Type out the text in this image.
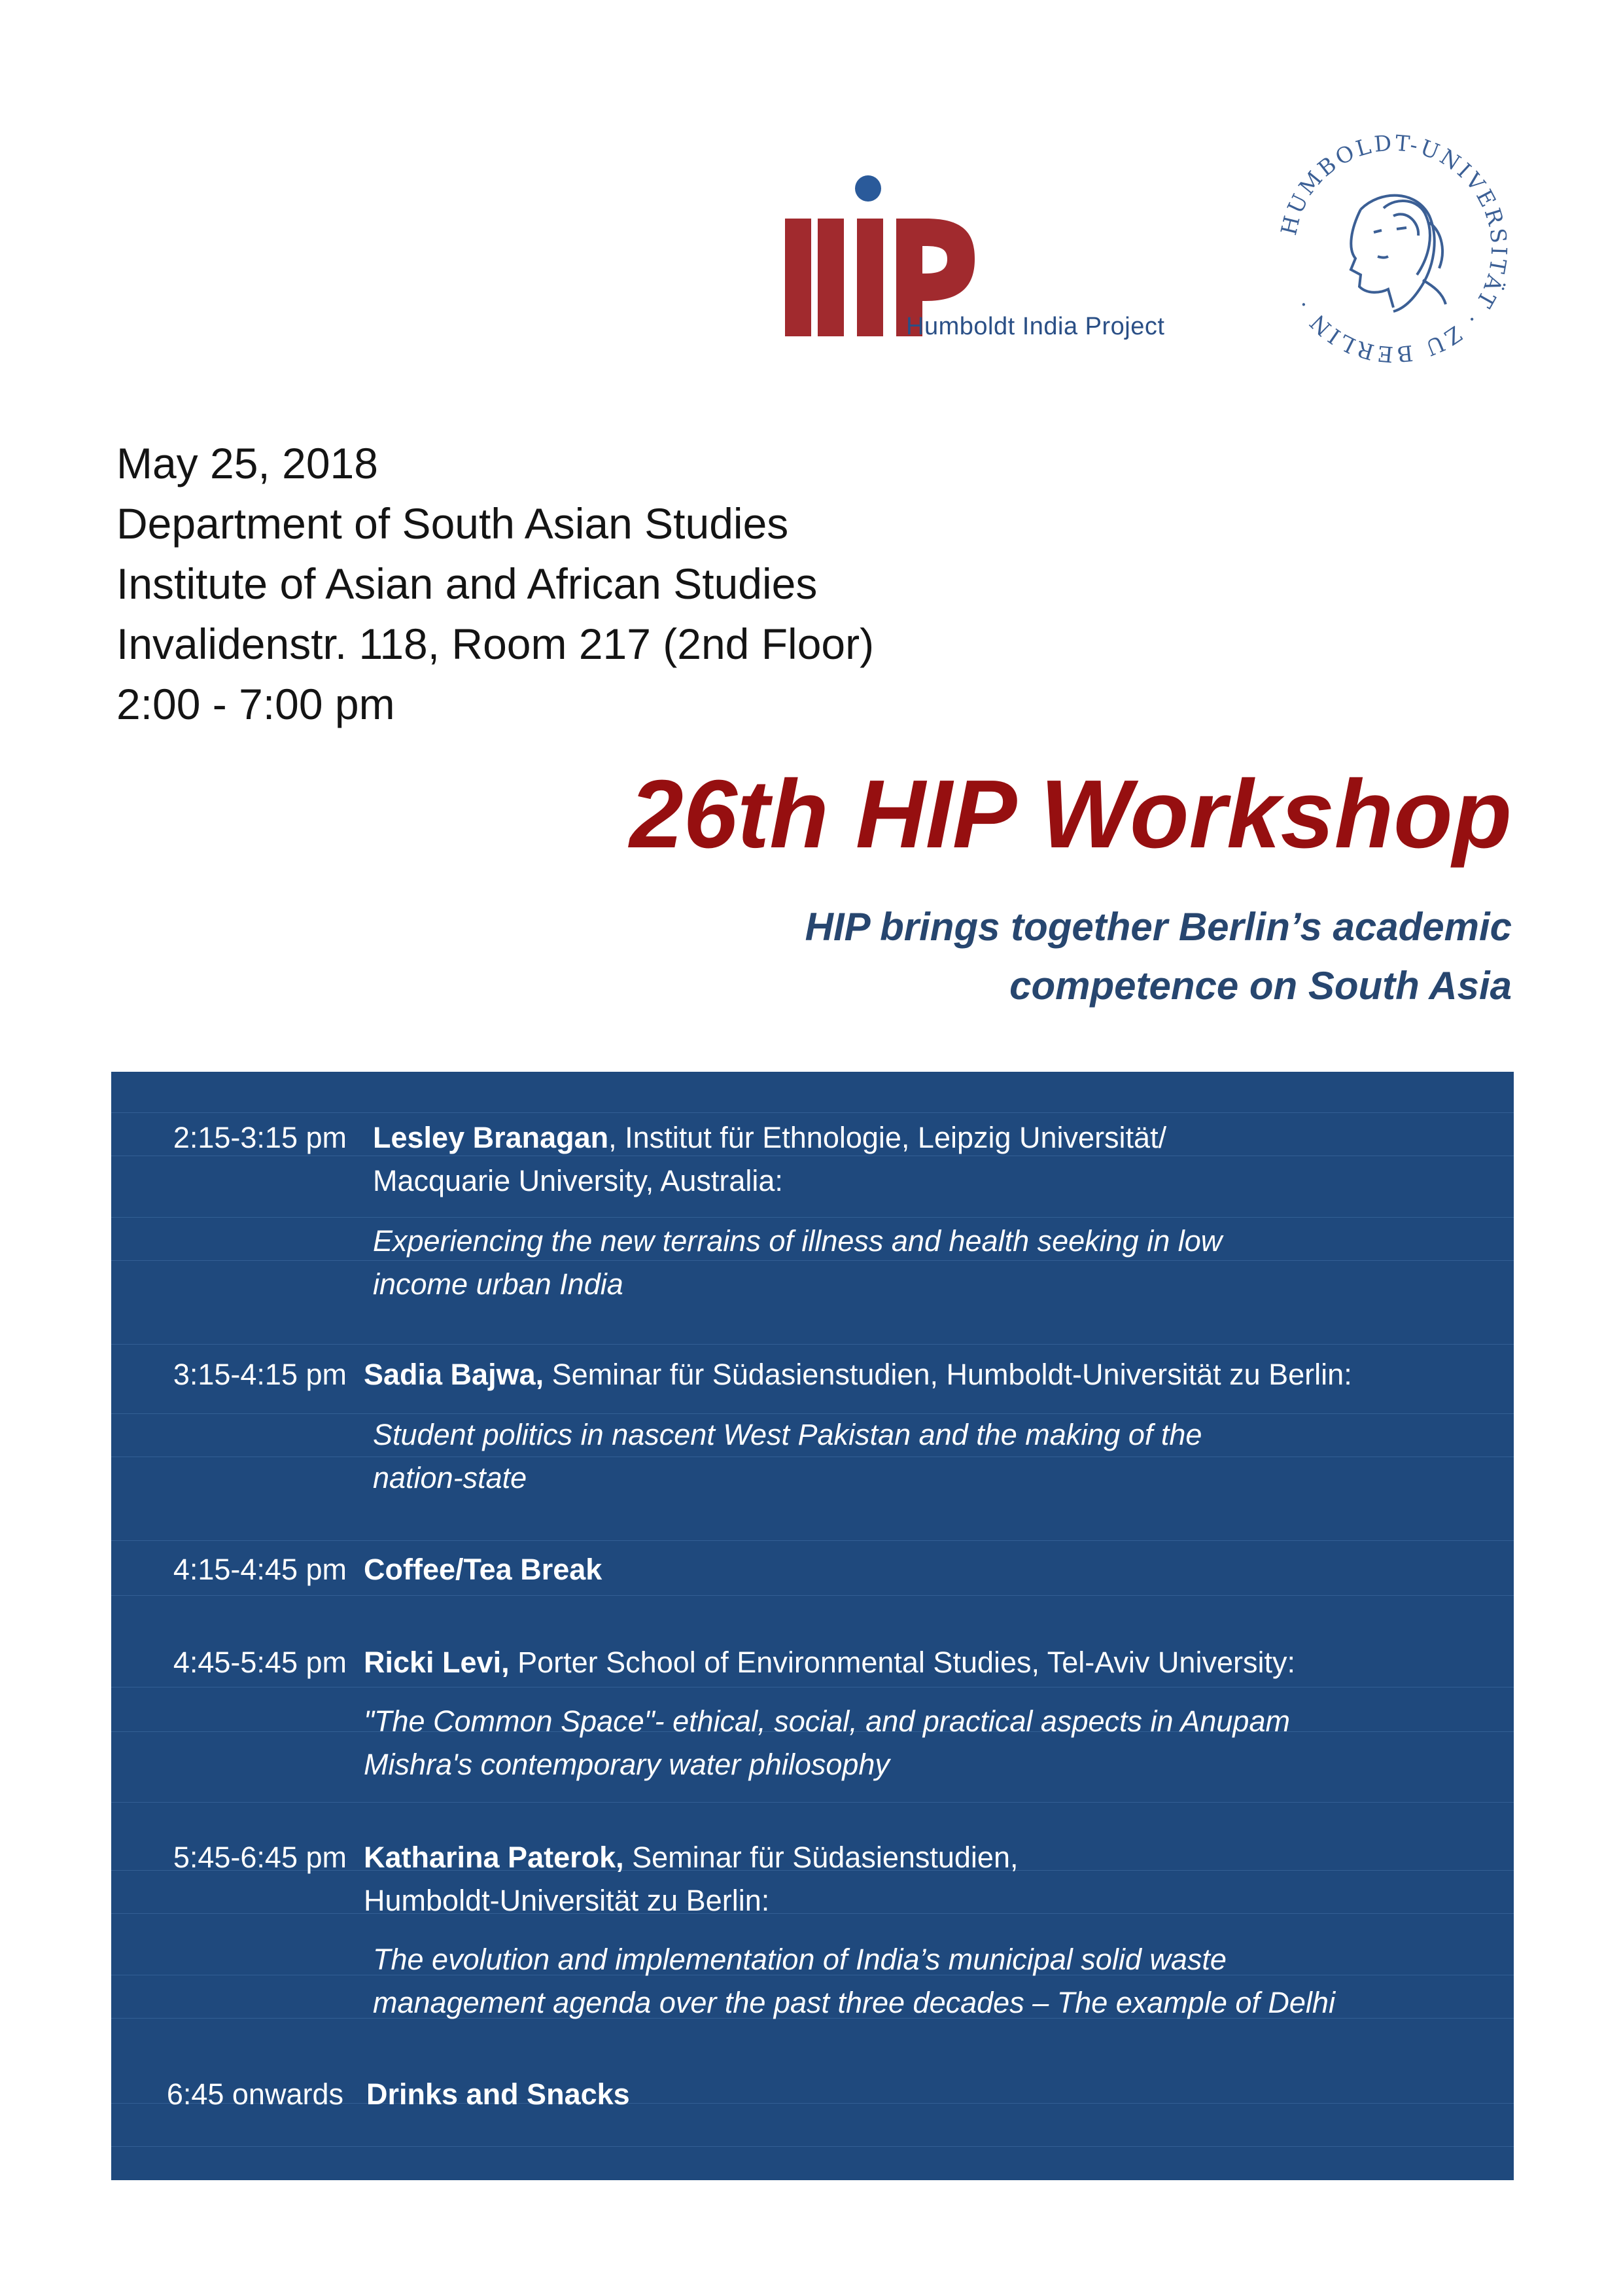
Humboldt India Project
HUMBOLDT-UNIVERSITÄT · ZU BERLIN ·
May 25, 2018
Department of South Asian Studies
Institute of Asian and African Studies
Invalidenstr. 118, Room 217 (2nd Floor)
2:00 - 7:00 pm
26th HIP Workshop
HIP brings together Berlin’s academic
competence on South Asia
2:15-3:15 pm Lesley Branagan, Institut für Ethnologie, Leipzig Universität/
Macquarie University, Australia:
Experiencing the new terrains of illness and health seeking in low
income urban India
3:15-4:15 pm Sadia Bajwa, Seminar für Südasienstudien, Humboldt-Universität zu Berlin:
Student politics in nascent West Pakistan and the making of the
nation-state
4:15-4:45 pm Coffee/Tea Break
4:45-5:45 pm Ricki Levi, Porter School of Environmental Studies, Tel-Aviv University:
"The Common Space"- ethical, social, and practical aspects in Anupam
Mishra's contemporary water philosophy
5:45-6:45 pm Katharina Paterok, Seminar für Südasienstudien,
Humboldt-Universität zu Berlin:
The evolution and implementation of India’s municipal solid waste
management agenda over the past three decades – The example of Delhi
6:45 onwards Drinks and Snacks
